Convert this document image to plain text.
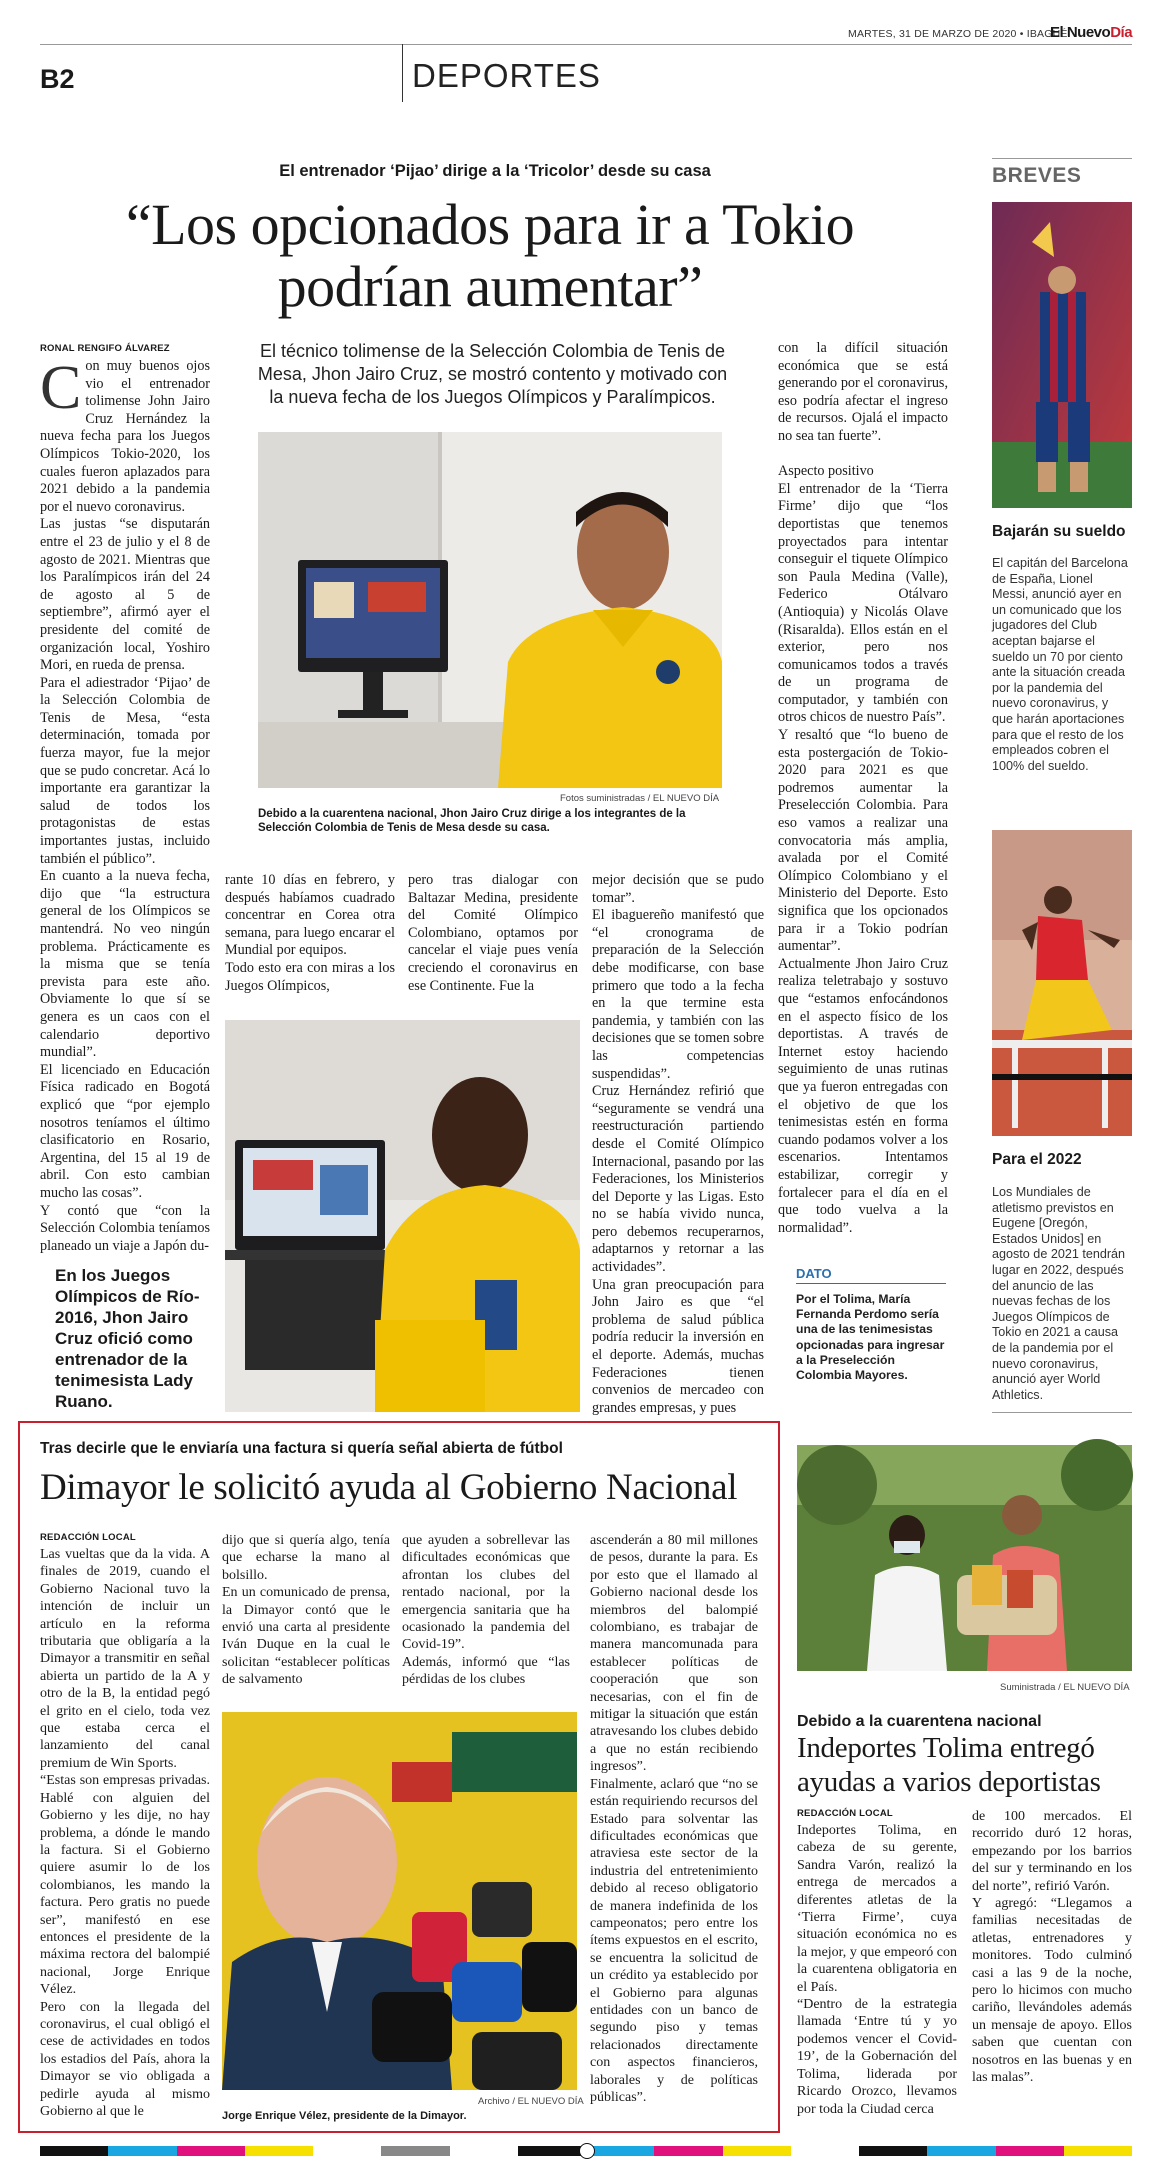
MARTES, 31 DE MARZO DE 2020 • IBAGUÉ
El NuevoDía
B2	DEPORTES
El entrenador ‘Pijao’ dirige a la ‘Tricolor’ desde su casa
“Los opcionados para ir a Tokio podrían aumentar”
RONAL RENGIFO ÁLVAREZ	El técnico tolimense de la Selección Colombia de Tenis de Mesa, Jhon Jairo Cruz, se mostró contento y motivado con la nueva fecha de los Juegos Olímpicos y Paralímpicos.
Con muy buenos ojos vio el entrenador tolimense John Jairo Cruz Hernández la nueva fecha para los Juegos Olímpicos Tokio-2020, los cuales fueron aplazados para 2021 debido a la pandemia por el nuevo coronavirus.
Las justas “se disputarán entre el 23 de julio y el 8 de agosto de 2021. Mientras que los Paralímpicos irán del 24 de agosto al 5 de septiembre”, afirmó ayer el presidente del comité de organización local, Yoshiro Mori, en rueda de prensa.
Para el adiestrador ‘Pijao’ de la Selección Colombia de Tenis de Mesa, “esta determinación, tomada por fuerza mayor, fue la mejor que se pudo concretar. Acá lo importante era garantizar la salud de todos los protagonistas de estas importantes justas, incluido también el público”.
En cuanto a la nueva fecha, dijo que “la estructura general de los Olímpicos se mantendrá. No veo ningún problema. Prácticamente es la misma que se tenía prevista para este año. Obviamente lo que sí se genera es un caos con el calendario deportivo mundial”.
El licenciado en Educación Física radicado en Bogotá explicó que “por ejemplo nosotros teníamos el último clasificatorio en Rosario, Argentina, del 15 al 19 de abril. Con esto cambian mucho las cosas”.
Y contó que “con la Selección Colombia teníamos planeado un viaje a Japón du-
Fotos suministradas / EL NUEVO DÍA
Debido a la cuarentena nacional, Jhon Jairo Cruz dirige a los integrantes de la Selección Colombia de Tenis de Mesa desde su casa.
rante 10 días en febrero, y después habíamos cuadrado concentrar en Corea otra semana, para luego encarar el Mundial por equipos.
Todo esto era con miras a los Juegos Olímpicos,
pero tras dialogar con Baltazar Medina, presidente del Comité Olímpico Colombiano, optamos por cancelar el viaje pues venía creciendo el coronavirus en ese Continente. Fue la
mejor decisión que se pudo tomar”.
El ibaguereño manifestó que “el cronograma de preparación de la Selección debe modificarse, con base primero que todo a la fecha en la que termine esta pandemia, y también con las decisiones que se tomen sobre las competencias suspendidas”.
Cruz Hernández refirió que “seguramente se vendrá una reestructuración partiendo desde el Comité Olímpico Internacional, pasando por las Federaciones, los Ministerios del Deporte y las Ligas. Esto no se había vivido nunca, pero debemos recuperarnos, adaptarnos y retornar a las actividades”.
Una gran preocupación para John Jairo es que “el problema de salud pública podría reducir la inversión en el deporte. Además, muchas Federaciones tienen convenios de mercadeo con grandes empresas, y pues
con la difícil situación económica que se está generando por el coronavirus, eso podría afectar el ingreso de recursos. Ojalá el impacto no sea tan fuerte”.

Aspecto positivo
El entrenador de la ‘Tierra Firme’ dijo que “los deportistas que tenemos proyectados para intentar conseguir el tiquete Olímpico son Paula Medina (Valle), Federico Otálvaro (Antioquia) y Nicolás Olave (Risaralda). Ellos están en el exterior, pero nos comunicamos todos a través de un programa de computador, y también con otros chicos de nuestro País”.
Y resaltó que “lo bueno de esta postergación de Tokio-2020 para 2021 es que podremos aumentar la Preselección Colombia. Para eso vamos a realizar una convocatoria más amplia, avalada por el Comité Olímpico Colombiano y el Ministerio del Deporte. Esto significa que los opcionados para ir a Tokio podrían aumentar”.
Actualmente Jhon Jairo Cruz realiza teletrabajo y sostuvo que “estamos enfocándonos en el aspecto físico de los deportistas. A través de Internet estoy haciendo seguimiento de unas rutinas que ya fueron entregadas con el objetivo de que los tenimesistas estén en forma cuando podamos volver a los escenarios. Intentamos estabilizar, corregir y fortalecer para el día en el que todo vuelva a la normalidad”.
En los Juegos Olímpicos de Río-2016, Jhon Jairo Cruz ofició como entrenador de la tenimesista Lady Ruano.
DATO
Por el Tolima, María Fernanda Perdomo sería una de las tenimesistas opcionadas para ingresar a la Preselección Colombia Mayores.
BREVES
Bajarán su sueldo
El capitán del Barcelona de España, Lionel Messi, anunció ayer en un comunicado que los jugadores del Club aceptan bajarse el sueldo un 70 por ciento ante la situación creada por la pandemia del nuevo coronavirus, y que harán aportaciones para que el resto de los empleados cobren el 100% del sueldo.
Para el 2022
Los Mundiales de atletismo previstos en Eugene [Oregón, Estados Unidos] en agosto de 2021 tendrán lugar en 2022, después del anuncio de las nuevas fechas de los Juegos Olímpicos de Tokio en 2021 a causa de la pandemia por el nuevo coronavirus, anunció ayer World Athletics.
Tras decirle que le enviaría una factura si quería señal abierta de fútbol
Dimayor le solicitó ayuda al Gobierno Nacional
REDACCIÓN LOCAL
Las vueltas que da la vida. A finales de 2019, cuando el Gobierno Nacional tuvo la intención de incluir un artículo en la reforma tributaria que obligaría a la Dimayor a transmitir en señal abierta un partido de la A y otro de la B, la entidad pegó el grito en el cielo, toda vez que estaba cerca el lanzamiento del canal premium de Win Sports.
“Estas son empresas privadas. Hablé con alguien del Gobierno y les dije, no hay problema, a dónde le mando la factura. Si el Gobierno quiere asumir lo de los colombianos, les mando la factura. Pero gratis no puede ser”, manifestó en ese entonces el presidente de la máxima rectora del balompié nacional, Jorge Enrique Vélez.
Pero con la llegada del coronavirus, el cual obligó el cese de actividades en todos los estadios del País, ahora la Dimayor se vio obligada a pedirle ayuda al mismo Gobierno al que le
dijo que si quería algo, tenía que echarse la mano al bolsillo.
En un comunicado de prensa, la Dimayor contó que le envió una carta al presidente Iván Duque en la cual le solicitan “establecer políticas de salvamento
que ayuden a sobrellevar las dificultades económicas que afrontan los clubes del rentado nacional, por la emergencia sanitaria que ha ocasionado la pandemia del Covid-19”.
Además, informó que “las pérdidas de los clubes
ascenderán a 80 mil millones de pesos, durante la para. Es por esto que el llamado al Gobierno nacional desde los miembros del balompié colombiano, es trabajar de manera mancomunada para establecer políticas de cooperación que son necesarias, con el fin de mitigar la situación que están atravesando los clubes debido a que no están recibiendo ingresos”.
Finalmente, aclaró que “no se están requiriendo recursos del Estado para solventar las dificultades económicas que atraviesa este sector de la industria del entretenimiento debido al receso obligatorio de manera indefinida de los campeonatos; pero entre los ítems expuestos en el escrito, se encuentra la solicitud de un crédito ya establecido por el Gobierno para algunas entidades con un banco de segundo piso y temas relacionados directamente con aspectos financieros, laborales y de políticas públicas”.
Archivo / EL NUEVO DÍA
Jorge Enrique Vélez, presidente de la Dimayor.
Suministrada / EL NUEVO DÍA
Debido a la cuarentena nacional
Indeportes Tolima entregó ayudas a varios deportistas
REDACCIÓN LOCAL
Indeportes Tolima, en cabeza de su gerente, Sandra Varón, realizó la entrega de mercados a diferentes atletas de la ‘Tierra Firme’, cuya situación económica no es la mejor, y que empeoró con la cuarentena obligatoria en el País.
“Dentro de la estrategia llamada ‘Entre tú y yo podemos vencer el Covid-19’, de la Gobernación del Tolima, liderada por Ricardo Orozco, llevamos por toda la Ciudad cerca
de 100 mercados. El recorrido duró 12 horas, empezando por los barrios del sur y terminando en los del norte”, refirió Varón.
Y agregó: “Llegamos a familias necesitadas de atletas, entrenadores y monitores. Todo culminó casi a las 9 de la noche, pero lo hicimos con mucho cariño, llevándoles además un mensaje de apoyo. Ellos saben que cuentan con nosotros en las buenas y en las malas”.
